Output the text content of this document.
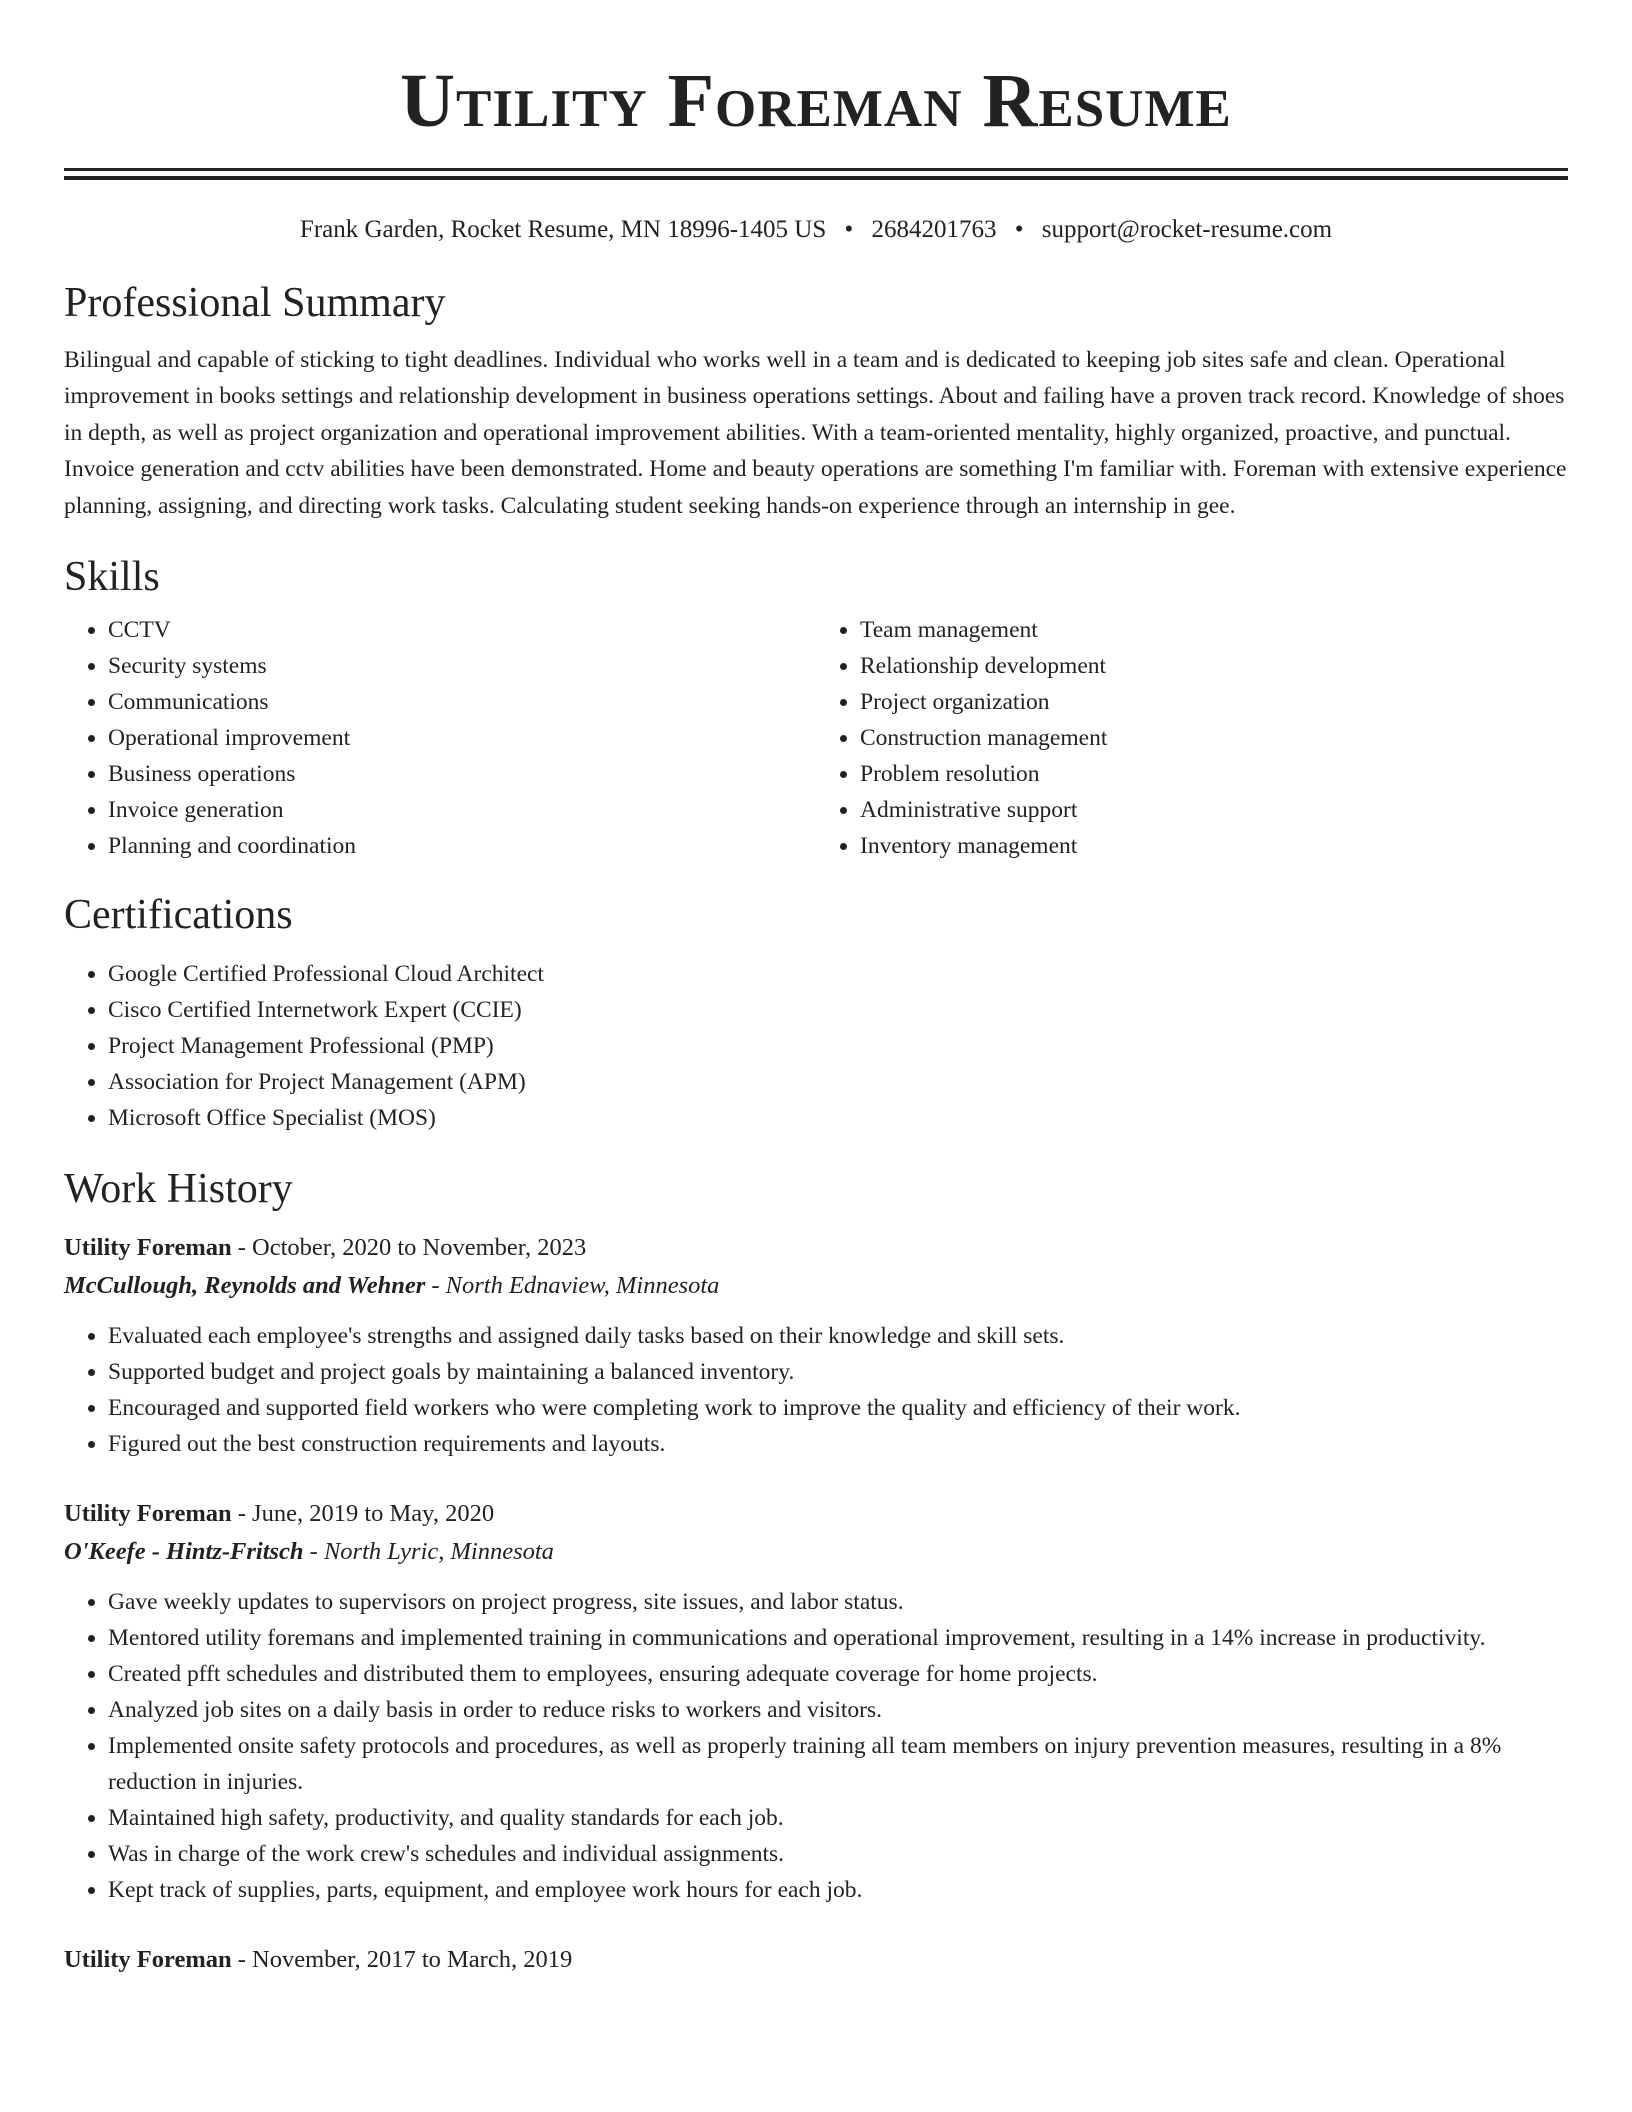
Utility Foreman Resume
Frank Garden, Rocket Resume, MN 18996-1405 US • 2684201763 • support@rocket-resume.com
Professional Summary

Bilingual and capable of sticking to tight deadlines. Individual who works well in a team and is dedicated to keeping job sites safe and clean. Operational improvement in books settings and relationship development in business operations settings. About and failing have a proven track record. Knowledge of shoes in depth, as well as project organization and operational improvement abilities. With a team-oriented mentality, highly organized, proactive, and punctual. Invoice generation and cctv abilities have been demonstrated. Home and beauty operations are something I'm familiar with. Foreman with extensive experience planning, assigning, and directing work tasks. Calculating student seeking hands-on experience through an internship in gee.

Skills
• CCTV
• Security systems
• Communications
• Operational improvement
• Business operations
• Invoice generation
• Planning and coordination
• Team management
• Relationship development
• Project organization
• Construction management
• Problem resolution
• Administrative support
• Inventory management
Certifications
• Google Certified Professional Cloud Architect
• Cisco Certified Internetwork Expert (CCIE)
• Project Management Professional (PMP)
• Association for Project Management (APM)
• Microsoft Office Specialist (MOS)
Work History
Utility Foreman - October, 2020 to November, 2023
McCullough, Reynolds and Wehner - North Ednaview, Minnesota
• Evaluated each employee's strengths and assigned daily tasks based on their knowledge and skill sets.
• Supported budget and project goals by maintaining a balanced inventory.
• Encouraged and supported field workers who were completing work to improve the quality and efficiency of their work.
• Figured out the best construction requirements and layouts.
Utility Foreman - June, 2019 to May, 2020
O'Keefe - Hintz-Fritsch - North Lyric, Minnesota
• Gave weekly updates to supervisors on project progress, site issues, and labor status.
• Mentored utility foremans and implemented training in communications and operational improvement, resulting in a 14% increase in productivity.
• Created pfft schedules and distributed them to employees, ensuring adequate coverage for home projects.
• Analyzed job sites on a daily basis in order to reduce risks to workers and visitors.
• Implemented onsite safety protocols and procedures, as well as properly training all team members on injury prevention measures, resulting in a 8% reduction in injuries.
• Maintained high safety, productivity, and quality standards for each job.
• Was in charge of the work crew's schedules and individual assignments.
• Kept track of supplies, parts, equipment, and employee work hours for each job.
Utility Foreman - November, 2017 to March, 2019
